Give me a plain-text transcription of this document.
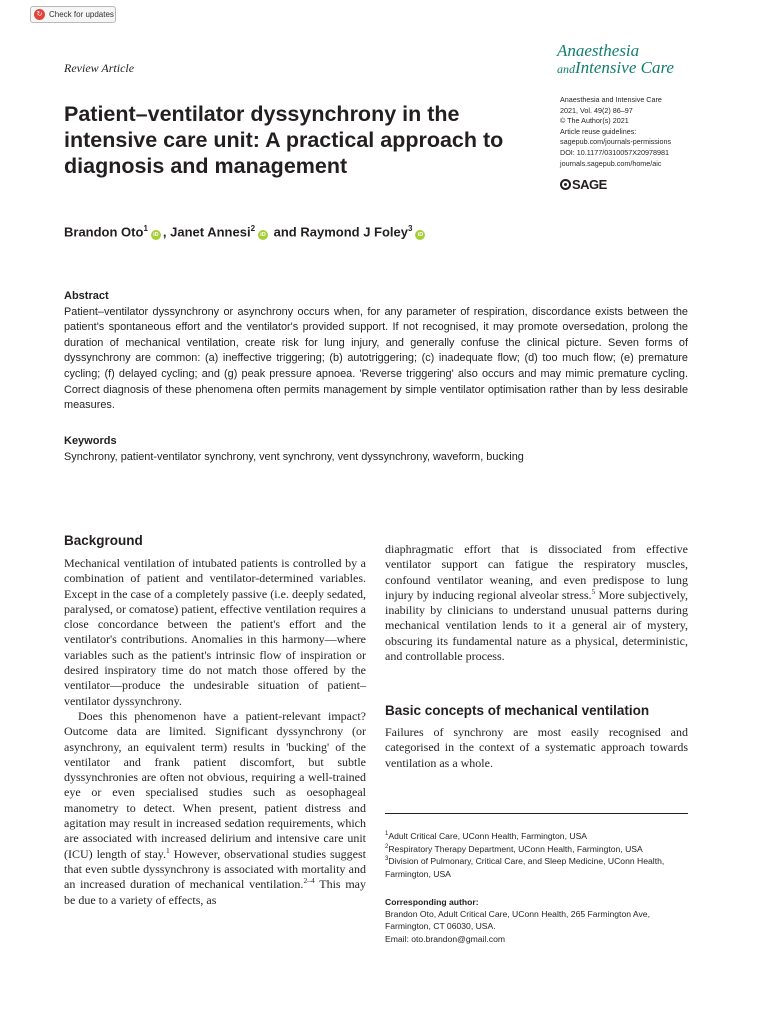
↻ Check for updates
Review Article
Anaesthesia
andIntensive Care
Anaesthesia and Intensive Care
2021, Vol. 49(2) 86–97
© The Author(s) 2021
Article reuse guidelines:
sagepub.com/journals-permissions
DOI: 10.1177/0310057X20978981
journals.sagepub.com/home/aic
SAGE
Patient–ventilator dyssynchrony in the intensive care unit: A practical approach to diagnosis and management
Brandon Oto$^1$iD , Janet Annesi$^2$iD and Raymond J Foley$^3$iD
Abstract
Patient–ventilator dyssynchrony or asynchrony occurs when, for any parameter of respiration, discordance exists between the patient's spontaneous effort and the ventilator's provided support. If not recognised, it may promote oversedation, prolong the duration of mechanical ventilation, create risk for lung injury, and generally confuse the clinical picture. Seven forms of dyssynchrony are common: (a) ineffective triggering; (b) autotriggering; (c) inadequate flow; (d) too much flow; (e) premature cycling; (f) delayed cycling; and (g) peak pressure apnoea. 'Reverse triggering' also occurs and may mimic premature cycling. Correct diagnosis of these phenomena often permits management by simple ventilator optimisation rather than by less desirable measures.
Keywords
Synchrony, patient-ventilator synchrony, vent synchrony, vent dyssynchrony, waveform, bucking
Background

Mechanical ventilation of intubated patients is controlled by a combination of patient and ventilator-determined variables. Except in the case of a completely passive (i.e. deeply sedated, paralysed, or comatose) patient, effective ventilation requires a close concordance between the patient's effort and the ventilator's contributions. Anomalies in this harmony—where variables such as the patient's intrinsic flow of inspiration or desired inspiratory time do not match those offered by the ventilator—produce the undesirable situation of patient–ventilator dyssynchrony.

Does this phenomenon have a patient-relevant impact? Outcome data are limited. Significant dyssynchrony (or asynchrony, an equivalent term) results in 'bucking' of the ventilator and frank patient discomfort, but subtle dyssynchronies are often not obvious, requiring a well-trained eye or even specialised studies such as oesophageal manometry to detect. When present, patient distress and agitation may result in increased sedation requirements, which are associated with increased delirium and intensive care unit (ICU) length of stay.$^1$ However, observational studies suggest that even subtle dyssynchrony is associated with mortality and an increased duration of mechanical ventilation.$^{2-4}$ This may be due to a variety of effects, as

diaphragmatic effort that is dissociated from effective ventilator support can fatigue the respiratory muscles, confound ventilator weaning, and even predispose to lung injury by inducing regional alveolar stress.$^5$ More subjectively, inability by clinicians to understand unusual patterns during mechanical ventilation lends to it a general air of mystery, obscuring its fundamental nature as a physical, deterministic, and controllable process.
Basic concepts of mechanical ventilation
Failures of synchrony are most easily recognised and categorised in the context of a systematic approach towards ventilation as a whole.
$^1$Adult Critical Care, UConn Health, Farmington, USA
$^2$Respiratory Therapy Department, UConn Health, Farmington, USA
$^3$Division of Pulmonary, Critical Care, and Sleep Medicine, UConn Health, Farmington, USA
Corresponding author:
Brandon Oto, Adult Critical Care, UConn Health, 265 Farmington Ave, Farmington, CT 06030, USA.
Email: oto.brandon@gmail.com
